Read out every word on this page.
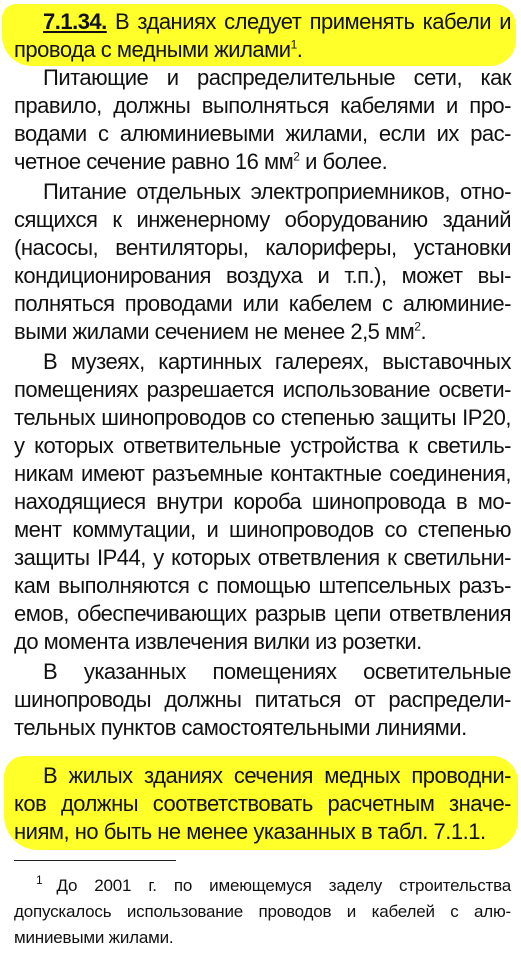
7.1.34. В зданиях следует применять кабели и
провода с медными жилами$^1$.
Питающие и распределительные сети, как
правило, должны выполняться кабелями и про-
водами с алюминиевыми жилами, если их рас-
четное сечение равно 16 $мм^2$ и более.
Питание отдельных электроприемников, отно-
сящихся к инженерному оборудованию зданий
(насосы, вентиляторы, калориферы, установки
кондиционирования воздуха и т.п.), может вы-
полняться проводами или кабелем с алюминие-
выми жилами сечением не менее 2,5 $мм^2$.
В музеях, картинных галереях, выставочных
помещениях разрешается использование освети-
тельных шинопроводов со степенью защиты IP20,
у которых ответвительные устройства к светиль-
никам имеют разъемные контактные соединения,
находящиеся внутри короба шинопровода в мо-
мент коммутации, и шинопроводов со степенью
защиты IP44, у которых ответвления к светильни-
кам выполняются с помощью штепсельных разъ-
емов, обеспечивающих разрыв цепи ответвления
до момента извлечения вилки из розетки.
В указанных помещениях осветительные
шинопроводы должны питаться от распредели-
тельных пунктов самостоятельными линиями.
В жилых зданиях сечения медных проводни-
ков должны соответствовать расчетным значе-
ниям, но быть не менее указанных в табл. 7.1.1.
$^1$ До 2001 г. по имеющемуся заделу строительства
допускалось использование проводов и кабелей с алю-
миниевыми жилами.
